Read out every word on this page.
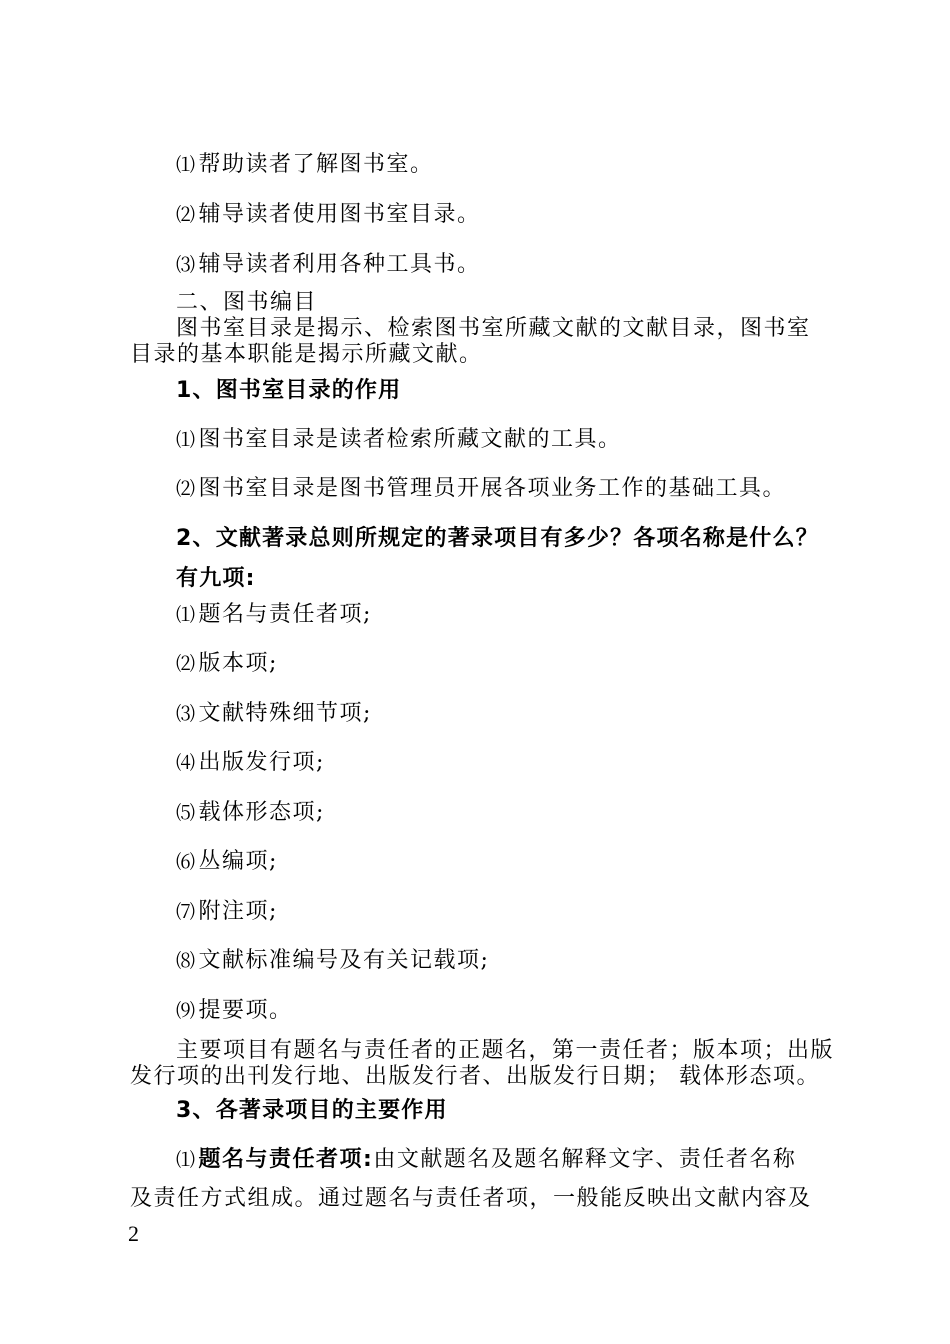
⑴帮助读者了解图书室。
⑵辅导读者使用图书室目录。
⑶辅导读者利用各种工具书。
二、图书编目
图书室目录是揭示、检索图书室所藏文献的文献目录，图书室
目录的基本职能是揭示所藏文献。
1、图书室目录的作用
⑴图书室目录是读者检索所藏文献的工具。
⑵图书室目录是图书管理员开展各项业务工作的基础工具。
2、文献著录总则所规定的著录项目有多少？各项名称是什么？
有九项:
⑴题名与责任者项;
⑵版本项;
⑶文献特殊细节项;
⑷出版发行项;
⑸载体形态项;
⑹丛编项;
⑺附注项;
⑻文献标准编号及有关记载项;
⑼提要项。
主要项目有题名与责任者的正题名，第一责任者；版本项；出版
发行项的出刊发行地、出版发行者、出版发行日期； 载体形态项。
3、各著录项目的主要作用
⑴题名与责任者项:由文献题名及题名解释文字、责任者名称
及责任方式组成。通过题名与责任者项，一般能反映出文献内容及
2
